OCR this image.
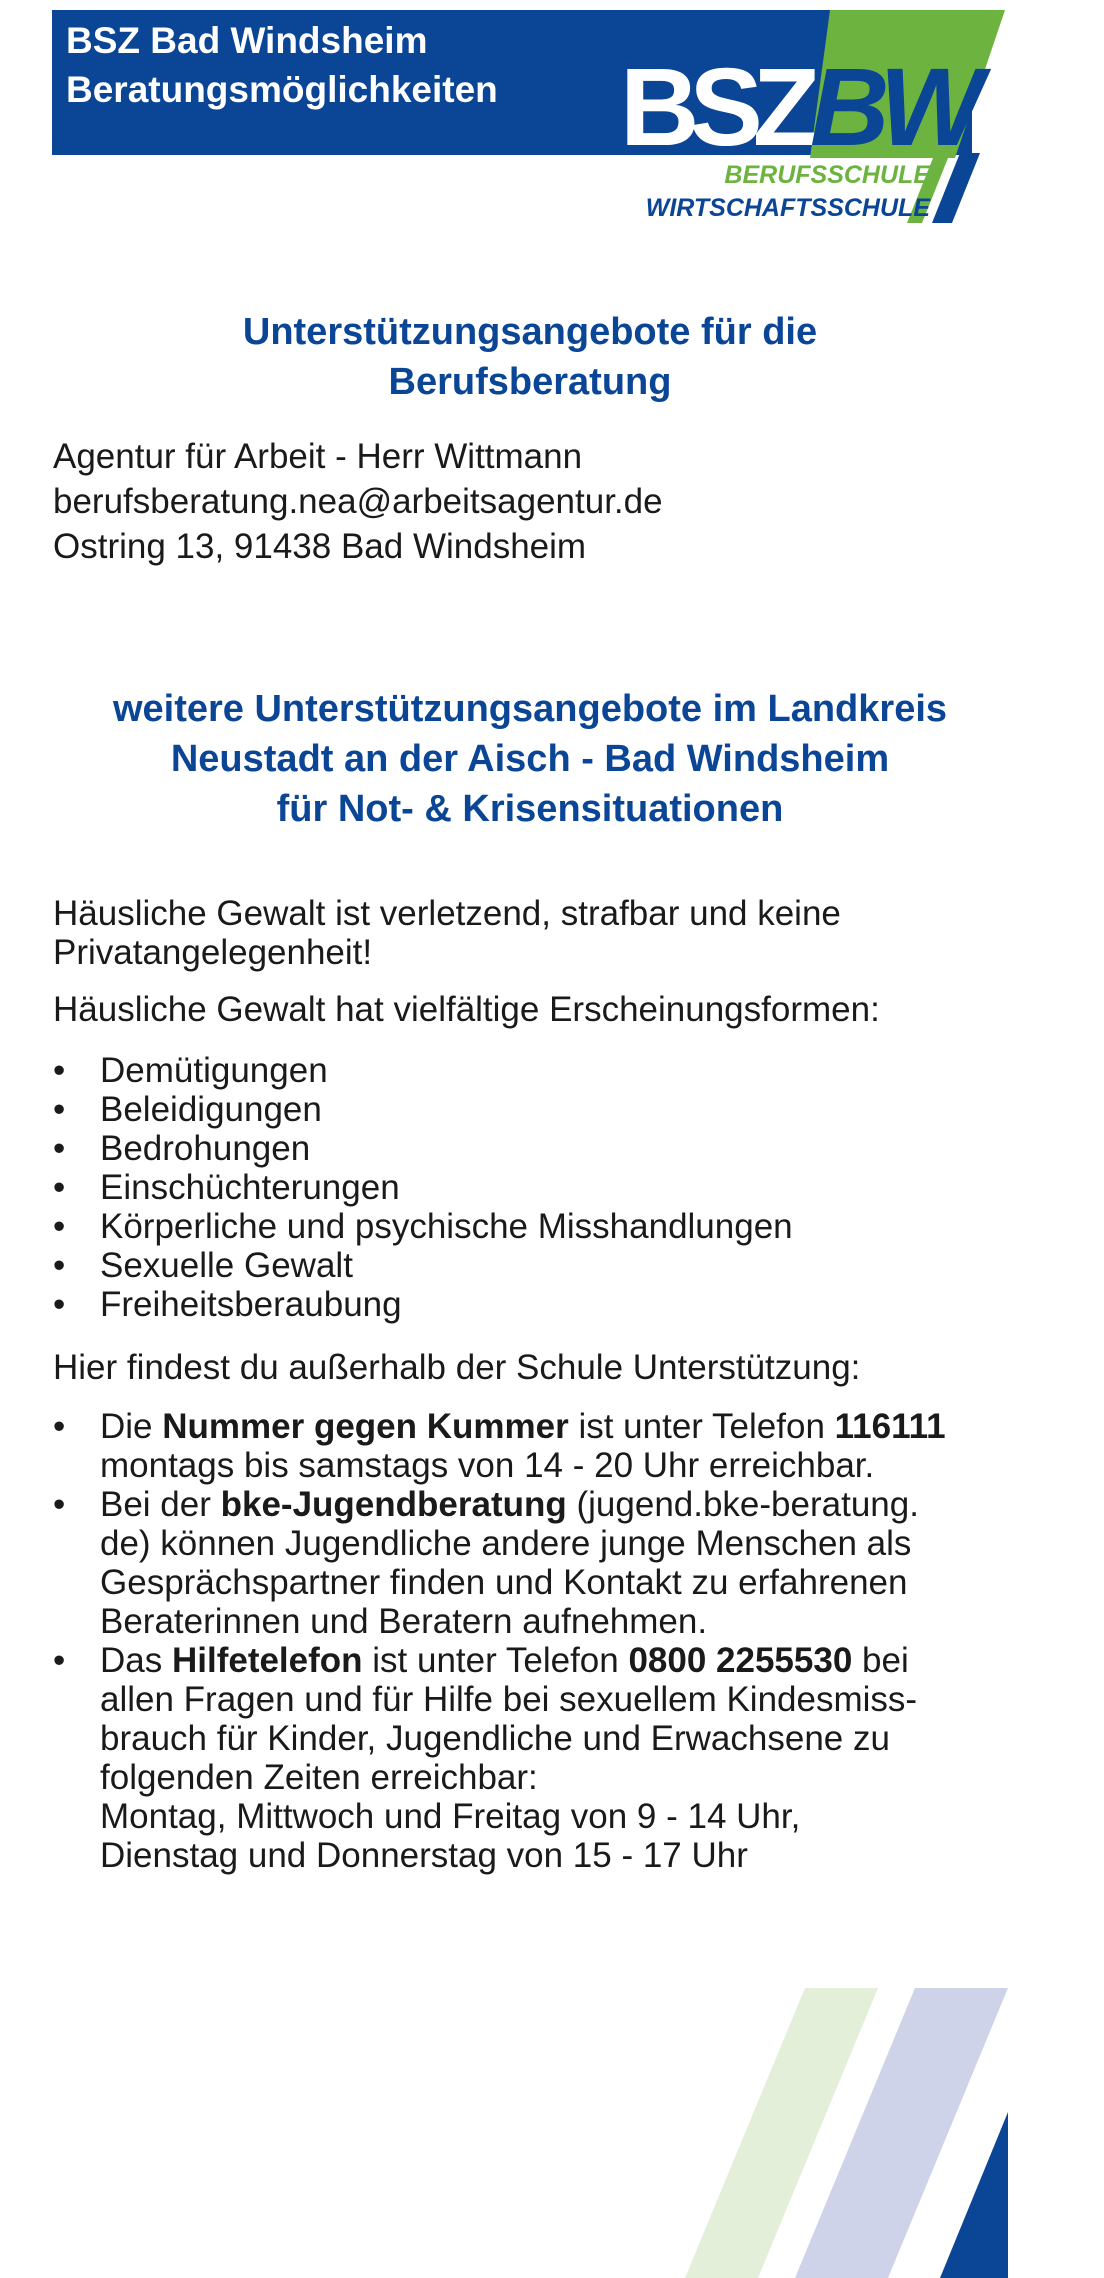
BSZ Bad Windsheim
Beratungsmöglichkeiten BSZBW
BERUFSSCHULE
WIRTSCHAFTSSCHULE
Unterstützungsangebote für die
Berufsberatung
Agentur für Arbeit - Herr Wittmann
berufsberatung.nea@arbeitsagentur.de
Ostring 13, 91438 Bad Windsheim
weitere Unterstützungsangebote im Landkreis
Neustadt an der Aisch - Bad Windsheim
für Not- & Krisensituationen
Häusliche Gewalt ist verletzend, strafbar und keine
Privatangelegenheit!
Häusliche Gewalt hat vielfältige Erscheinungsformen:
• Demütigungen
• Beleidigungen
• Bedrohungen
• Einschüchterungen
• Körperliche und psychische Misshandlungen
• Sexuelle Gewalt
• Freiheitsberaubung
Hier findest du außerhalb der Schule Unterstützung:
• Die Nummer gegen Kummer ist unter Telefon 116111
montags bis samstags von 14 - 20 Uhr erreichbar.
• Bei der bke-Jugendberatung (jugend.bke-beratung.
de) können Jugendliche andere junge Menschen als
Gesprächspartner finden und Kontakt zu erfahrenen
Beraterinnen und Beratern aufnehmen.
• Das Hilfetelefon ist unter Telefon 0800 2255530 bei
allen Fragen und für Hilfe bei sexuellem Kindesmiss-
brauch für Kinder, Jugendliche und Erwachsene zu
folgenden Zeiten erreichbar:
Montag, Mittwoch und Freitag von 9 - 14 Uhr,
Dienstag und Donnerstag von 15 - 17 Uhr
